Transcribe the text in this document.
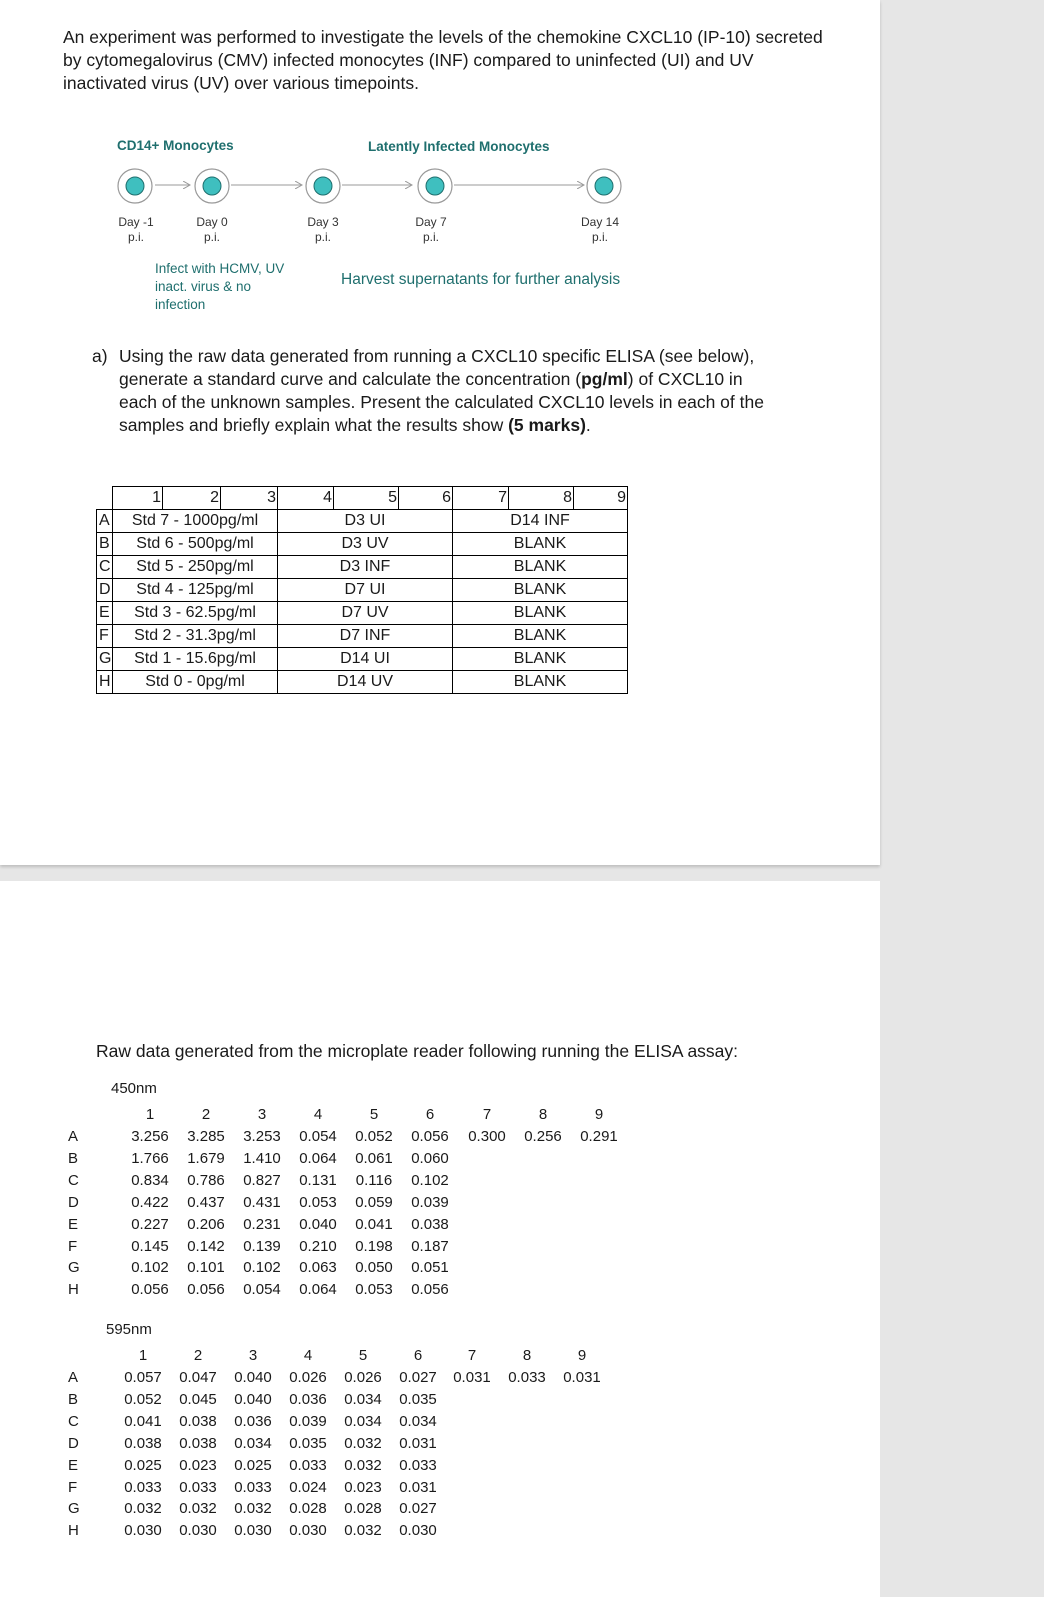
An experiment was performed to investigate the levels of the chemokine CXCL10 (IP-10) secreted by cytomegalovirus (CMV) infected monocytes (INF) compared to uninfected (UI) and UV inactivated virus (UV) over various timepoints.
CD14+ Monocytes	Latently Infected Monocytes
Day -1
p.i.
Day 0
p.i.
Day 3
p.i.
Day 7
p.i.
Day 14
p.i.
Infect with HCMV, UV inact. virus & no infection
Harvest supernatants for further analysis
a) Using the raw data generated from running a CXCL10 specific ELISA (see below), generate a standard curve and calculate the concentration (pg/ml) of CXCL10 in each of the unknown samples. Present the calculated CXCL10 levels in each of the samples and briefly explain what the results show (5 marks).
	1	2	3	4	5	6	7	8	9
A	Std 7 - 1000pg/ml			D3 UI			D14 INF		
B	Std 6 - 500pg/ml			D3 UV			BLANK		
C	Std 5 - 250pg/ml			D3 INF			BLANK		
D	Std 4 - 125pg/ml			D7 UI			BLANK		
E	Std 3 - 62.5pg/ml			D7 UV			BLANK		
F	Std 2 - 31.3pg/ml			D7 INF			BLANK		
G	Std 1 - 15.6pg/ml			D14 UI			BLANK		
H	Std 0 - 0pg/ml			D14 UV			BLANK		
Raw data generated from the microplate reader following running the ELISA assay:
450nm
1	2	3	4	5	6	7	8	9
A	3.256	3.285	3.253	0.054	0.052	0.056	0.300	0.256	0.291
B	1.766	1.679	1.410	0.064	0.061	0.060
C	0.834	0.786	0.827	0.131	0.116	0.102
D	0.422	0.437	0.431	0.053	0.059	0.039
E	0.227	0.206	0.231	0.040	0.041	0.038
F	0.145	0.142	0.139	0.210	0.198	0.187
G	0.102	0.101	0.102	0.063	0.050	0.051
H	0.056	0.056	0.054	0.064	0.053	0.056
595nm
1	2	3	4	5	6	7	8	9
A	0.057	0.047	0.040	0.026	0.026	0.027	0.031	0.033	0.031
B	0.052	0.045	0.040	0.036	0.034	0.035
C	0.041	0.038	0.036	0.039	0.034	0.034
D	0.038	0.038	0.034	0.035	0.032	0.031
E	0.025	0.023	0.025	0.033	0.032	0.033
F	0.033	0.033	0.033	0.024	0.023	0.031
G	0.032	0.032	0.032	0.028	0.028	0.027
H	0.030	0.030	0.030	0.030	0.032	0.030
